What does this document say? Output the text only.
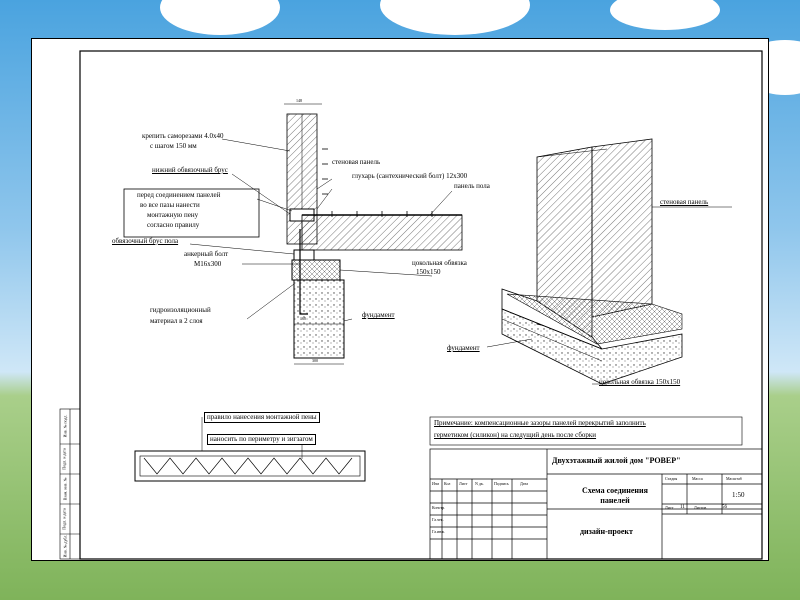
крепить саморезами 4.0х40
с шагом 150 мм
нижний обвязочный брус
перед соединением панелей
во все пазы нанести
монтажную пену
согласно правилу
обвязочный брус пола
анкерный болт
М16х300
гидроизоляционный
материал в 2 слоя
стеновая панель
глухарь (сантехнический болт) 12х300
панель пола
цокольная обвязка
150х150
фундамент
148
160
300
стеновая панель
фундамент
цокольная обвязка 150х150
правило нанесения монтажной пены
наносить по периметру и зигзагом
Примечание: компенсационные зазоры панелей перекрытий заполнить
герметиком (силикон) на следущий день после сборки
Инв. № подл.
Подп. и дата
Взам. инв. №
Подп. и дата
Инв. № дубл.
Двухэтажный жилой дом "РОВЕР"
Схема соединения панелей
дизайн-проект
Изм Кол Лист N дк.	Подпись	Дата
Констр.
Га.чек.
Га.инж.
Стадия	Масса	Масштаб
1:50
Лист 11 Листов	56
